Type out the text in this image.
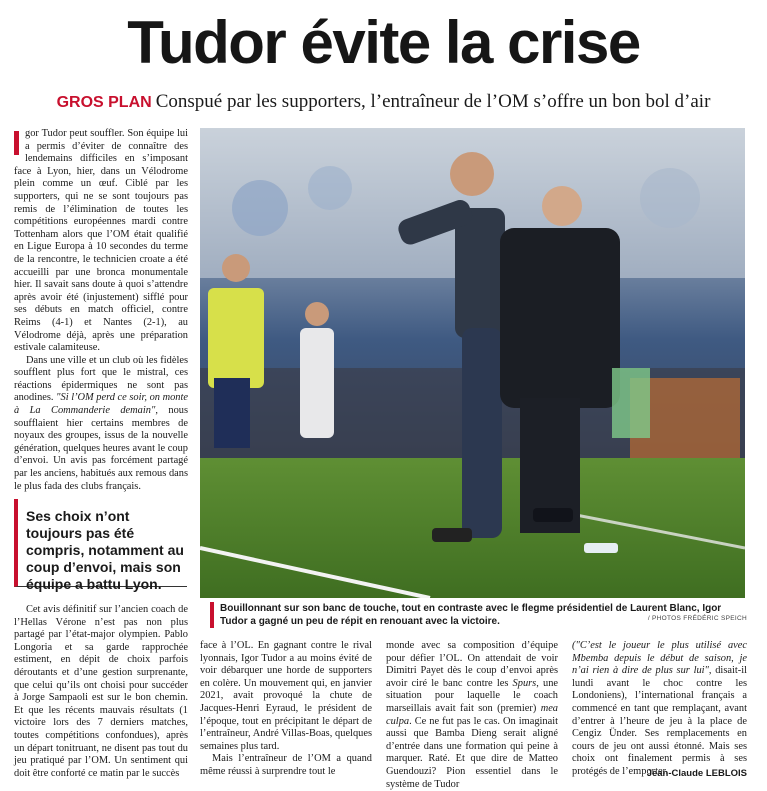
Tudor évite la crise
GROS PLAN Conspué par les supporters, l’entraîneur de l’OM s’offre un bon bol d’air

gor Tudor peut souffler. Son équipe lui a permis d’éviter de connaître des lendemains difficiles en s’imposant face à Lyon, hier, dans un Vélodrome plein comme un œuf. Ciblé par les supporters, qui ne se sont toujours pas remis de l’élimination de toutes les compétitions européennes mardi contre Tottenham alors que l’OM était qualifié en Ligue Europa à 10 secondes du terme de la rencontre, le technicien croate a été accueilli par une bronca monumentale hier. Il savait sans doute à quoi s’attendre après avoir été (injustement) sifflé pour ses débuts en match officiel, contre Reims (4-1) et Nantes (2-1), au Vélodrome déjà, après une préparation estivale calamiteuse.

Dans une ville et un club où les fidèles soufflent plus fort que le mistral, ces réactions épidermiques ne sont pas anodines. "Si l’OM perd ce soir, on monte à La Commanderie demain", nous soufflaient hier certains membres de noyaux des groupes, issus de la nouvelle génération, quelques heures avant le coup d’envoi. Un avis pas forcément partagé par les anciens, habitués aux remous dans le plus fada des clubs français.

Ses choix n’ont toujours pas été compris, notamment au coup d’envoi, mais son équipe a battu Lyon.

Cet avis définitif sur l’ancien coach de l’Hellas Vérone n’est pas non plus partagé par l’état-major olympien. Pablo Longoria et sa garde rapprochée estiment, en dépit de choix parfois déroutants et d’une gestion surprenante, que celui qu’ils ont choisi pour succéder à Jorge Sampaoli est sur le bon chemin. Et que les récents mauvais résultats (1 victoire lors des 7 derniers matches, toutes compétitions confondues), après un départ tonitruant, ne disent pas tout du jeu pratiqué par l’OM. Un sentiment qui doit être conforté ce matin par le succès

Bouillonnant sur son banc de touche, tout en contraste avec le flegme présidentiel de Laurent Blanc, Igor Tudor a gagné un peu de répit en renouant avec la victoire.	/ PHOTOS FRÉDÉRIC SPEICH

face à l’OL. En gagnant contre le rival lyonnais, Igor Tudor a au moins évité de voir débarquer une horde de supporters en colère. Un mouvement qui, en janvier 2021, avait provoqué la chute de Jacques-Henri Eyraud, le président de l’époque, tout en précipitant le départ de l’entraîneur, André Villas-Boas, quelques semaines plus tard.

Mais l’entraîneur de l’OM a quand même réussi à surprendre tout le

monde avec sa composition d’équipe pour défier l’OL. On attendait de voir Dimitri Payet dès le coup d’envoi après avoir ciré le banc contre les Spurs, une situation pour laquelle le coach marseillais avait fait son (premier) mea culpa. Ce ne fut pas le cas. On imaginait aussi que Bamba Dieng serait aligné d’entrée dans une formation qui peine à marquer. Raté. Et que dire de Matteo Guendouzi? Pion essentiel dans le système de Tudor

("C’est le joueur le plus utilisé avec Mbemba depuis le début de saison, je n’ai rien à dire de plus sur lui", disait-il lundi avant le choc contre les Londoniens), l’international français a commencé en tant que remplaçant, avant d’entrer à l’heure de jeu à la place de Cengiz Ünder. Ses remplacements en cours de jeu ont aussi étonné. Mais ses choix ont finalement permis à ses protégés de l’emporter.

Jean-Claude LEBLOIS
